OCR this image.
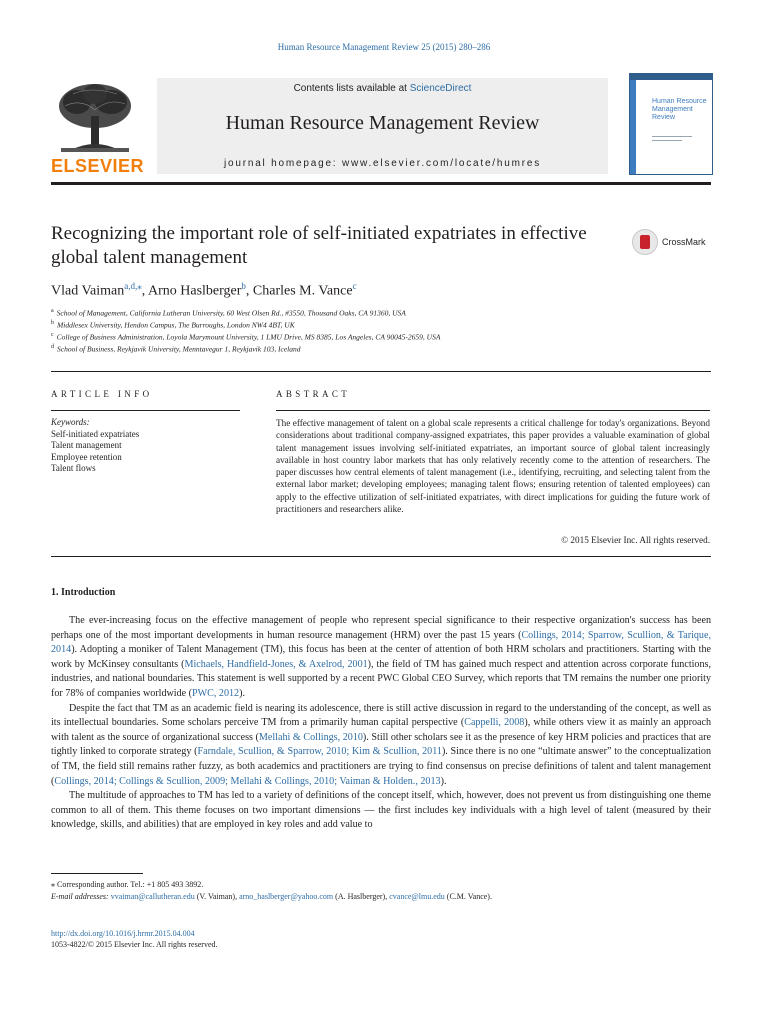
Human Resource Management Review 25 (2015) 280–286
ELSEVIER
Contents lists available at ScienceDirect
Human Resource Management Review
journal homepage: www.elsevier.com/locate/humres
Human Resource Management Review
Recognizing the important role of self-initiated expatriates in effective global talent management
CrossMark
Vlad Vaiman$^{a,d,⁎}$, Arno Haslberger$^b$, Charles M. Vance$^c$
$^a$ School of Management, California Lutheran University, 60 West Olsen Rd., #3550, Thousand Oaks, CA 91360, USA
$^b$ Middlesex University, Hendon Campus, The Burroughs, London NW4 4BT, UK
$^c$ College of Business Administration, Loyola Marymount University, 1 LMU Drive, MS 8385, Los Angeles, CA 90045-2659, USA
$^d$ School of Business, Reykjavik University, Menntavegur 1, Reykjavik 103, Iceland
ARTICLE INFO	ABSTRACT
Keywords:
Self-initiated expatriates
Talent management
Employee retention
Talent flows
The effective management of talent on a global scale represents a critical challenge for today's organizations. Beyond considerations about traditional company-assigned expatriates, this paper provides a valuable examination of global talent management issues involving self-initiated expatriates, an important source of global talent increasingly available in host country labor markets that has only relatively recently come to the attention of researchers. The paper discusses how central elements of talent management (i.e., identifying, recruiting, and selecting talent from the external labor market; developing employees; managing talent flows; ensuring retention of talented employees) can apply to the effective utilization of self-initiated expatriates, with direct implications for guiding the future work of practitioners and researchers alike.
© 2015 Elsevier Inc. All rights reserved.
1. Introduction

The ever-increasing focus on the effective management of people who represent special significance to their respective organization's success has been perhaps one of the most important developments in human resource management (HRM) over the past 15 years (Collings, 2014; Sparrow, Scullion, & Tarique, 2014). Adopting a moniker of Talent Management (TM), this focus has been at the center of attention of both HRM scholars and practitioners. Starting with the work by McKinsey consultants (Michaels, Handfield-Jones, & Axelrod, 2001), the field of TM has gained much respect and attention across corporate functions, industries, and national boundaries. This statement is well supported by a recent PWC Global CEO Survey, which reports that TM remains the number one priority for 78% of companies worldwide (PWC, 2012).

Despite the fact that TM as an academic field is nearing its adolescence, there is still active discussion in regard to the understanding of the concept, as well as its intellectual boundaries. Some scholars perceive TM from a primarily human capital perspective (Cappelli, 2008), while others view it as mainly an approach with talent as the source of organizational success (Mellahi & Collings, 2010). Still other scholars see it as the presence of key HRM policies and practices that are tightly linked to corporate strategy (Farndale, Scullion, & Sparrow, 2010; Kim & Scullion, 2011). Since there is no one “ultimate answer” to the conceptualization of TM, the field still remains rather fuzzy, as both academics and practitioners are trying to find consensus on precise definitions of talent and talent management (Collings, 2014; Collings & Scullion, 2009; Mellahi & Collings, 2010; Vaiman & Holden., 2013).

The multitude of approaches to TM has led to a variety of definitions of the concept itself, which, however, does not prevent us from distinguishing one theme common to all of them. This theme focuses on two important dimensions — the first includes key individuals with a high level of talent (measured by their knowledge, skills, and abilities) that are employed in key roles and add value to

⁎ Corresponding author. Tel.: +1 805 493 3892.
E-mail addresses: vvaiman@callutheran.edu (V. Vaiman), arno_haslberger@yahoo.com (A. Haslberger), cvance@lmu.edu (C.M. Vance).
http://dx.doi.org/10.1016/j.hrmr.2015.04.004
1053-4822/© 2015 Elsevier Inc. All rights reserved.
